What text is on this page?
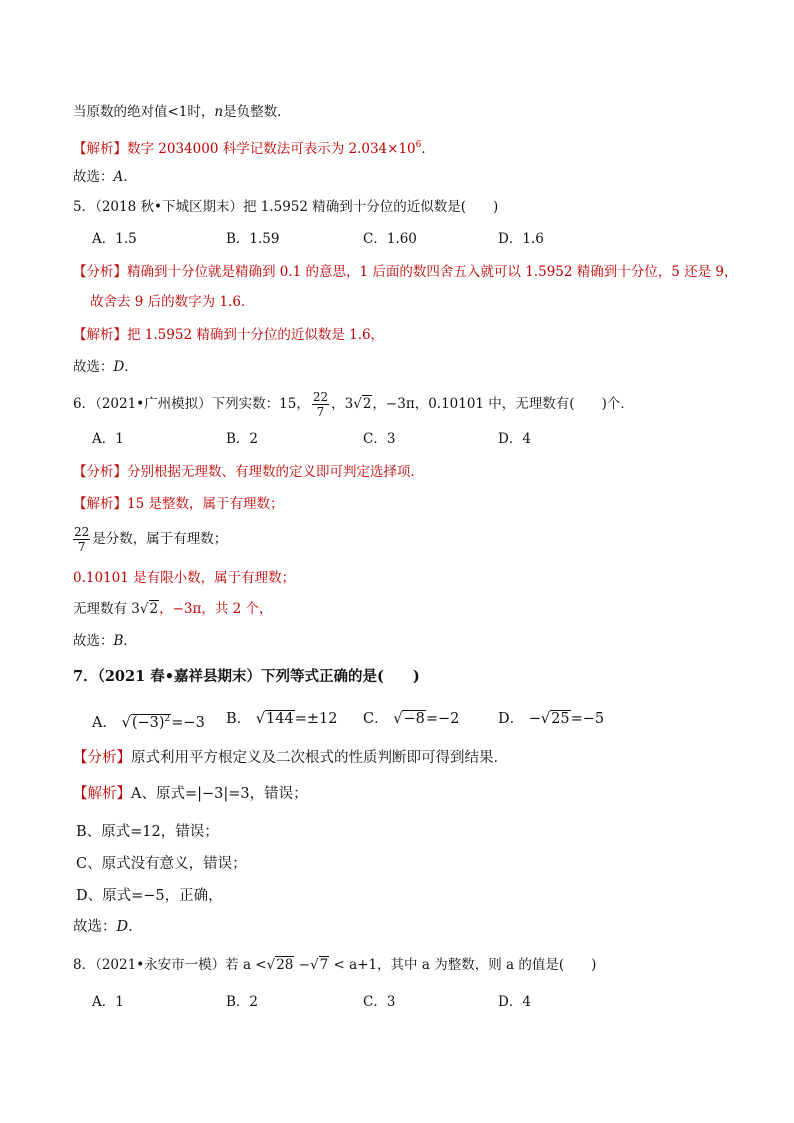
当原数的绝对值<1时，n是负整数．
【解析】数字 2034000 科学记数法可表示为 $2.034\times 10^6$．
故选：A．
5．（2018 秋•下城区期末）把 1.5952 精确到十分位的近似数是(　　)
A．1.5	B．1.59	C．1.60	D．1.6
【分析】精确到十分位就是精确到 0.1 的意思，1 后面的数四舍五入就可以 1.5952 精确到十分位，5 还是 9，
故舍去 9 后的数字为 1.6．
【解析】把 1.5952 精确到十分位的近似数是 1.6，
故选：D．
6．（2021•广州模拟）下列实数：15， $\frac{22}{7}$ ，3√2，−3π，0.10101 中，无理数有(　　)个．
A．1	B．2	C．3	D．4
【分析】分别根据无理数、有理数的定义即可判定选择项．
【解析】15 是整数，属于有理数；
$\frac{22}{7}$ 是分数，属于有理数；
0.10101 是有限小数，属于有理数；
无理数有 3√2，−3π，共 2 个，
故选：B．
7．（2021 春•嘉祥县期末）下列等式正确的是(　　)
A． $√(-3)^2=-3$ B． √144=±12 C． √−8=−2	D． −√25=−5
【分析】原式利用平方根定义及二次根式的性质判断即可得到结果．
【解析】A、原式=|−3|=3，错误；
B、原式=12，错误；
C、原式没有意义，错误；
D、原式=−5，正确，
故选：D．
8．（2021•永安市一模）若 a <√28 −√7 < a+1，其中 a 为整数，则 a 的值是(　　)
A．1	B．2	C．3	D．4
